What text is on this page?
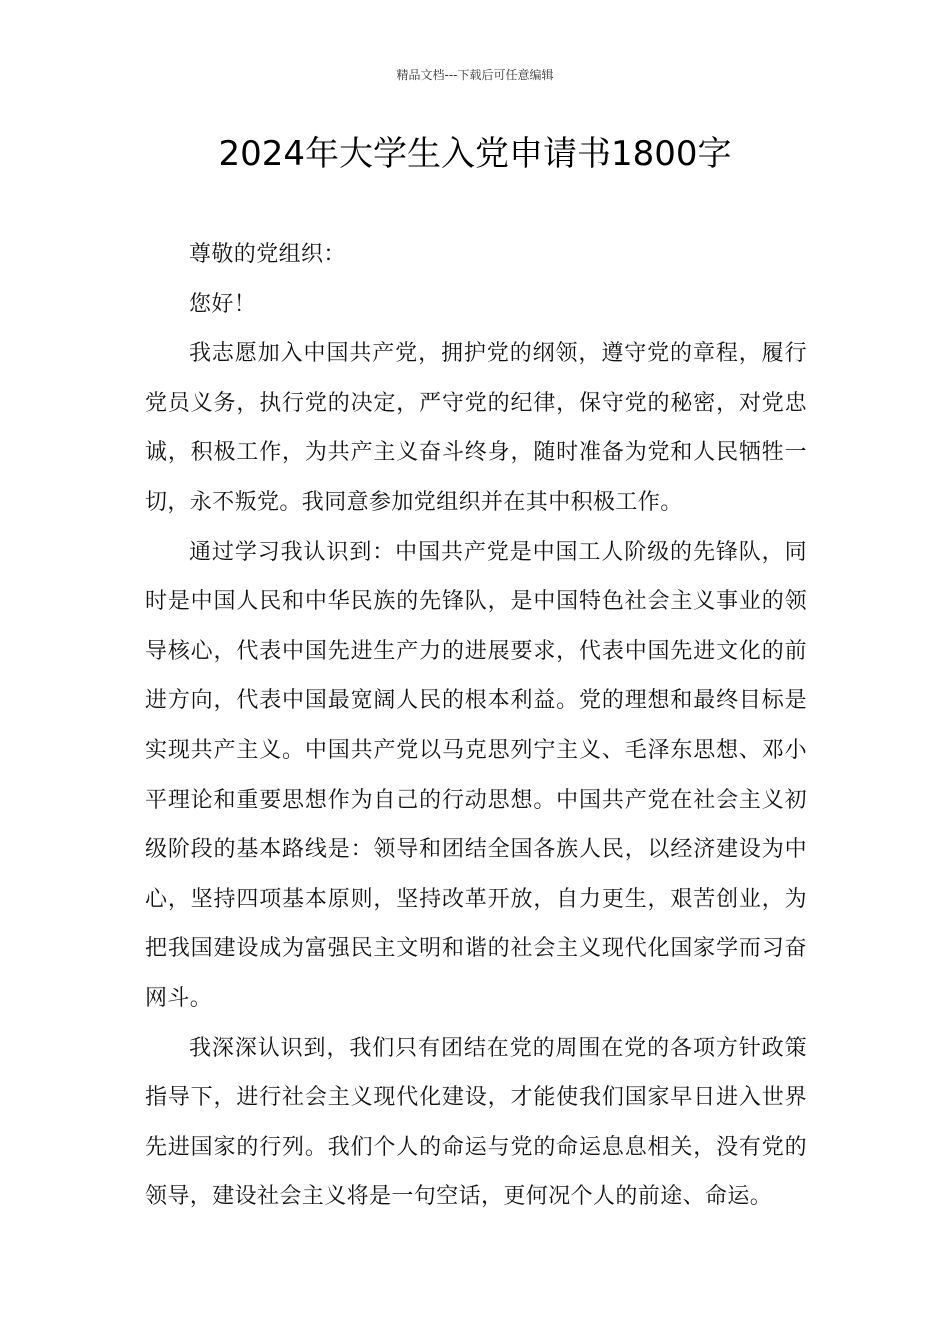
精品文档---下载后可任意编辑
2024年大学生入党申请书1800字

尊敬的党组织：

您好！

我志愿加入中国共产党，拥护党的纲领，遵守党的章程，履行党员义务，执行党的决定，严守党的纪律，保守党的秘密，对党忠诚，积极工作，为共产主义奋斗终身，随时准备为党和人民牺牲一切，永不叛党。我同意参加党组织并在其中积极工作。

通过学习我认识到：中国共产党是中国工人阶级的先锋队，同时是中国人民和中华民族的先锋队，是中国特色社会主义事业的领导核心，代表中国先进生产力的进展要求，代表中国先进文化的前进方向，代表中国最宽阔人民的根本利益。党的理想和最终目标是实现共产主义。中国共产党以马克思列宁主义、毛泽东思想、邓小平理论和重要思想作为自己的行动思想。中国共产党在社会主义初级阶段的基本路线是：领导和团结全国各族人民，以经济建设为中心，坚持四项基本原则，坚持改革开放，自力更生，艰苦创业，为把我国建设成为富强民主文明和谐的社会主义现代化国家学而习奋网斗。

我深深认识到，我们只有团结在党的周围在党的各项方针政策指导下，进行社会主义现代化建设，才能使我们国家早日进入世界先进国家的行列。我们个人的命运与党的命运息息相关，没有党的领导，建设社会主义将是一句空话，更何况个人的前途、命运。
